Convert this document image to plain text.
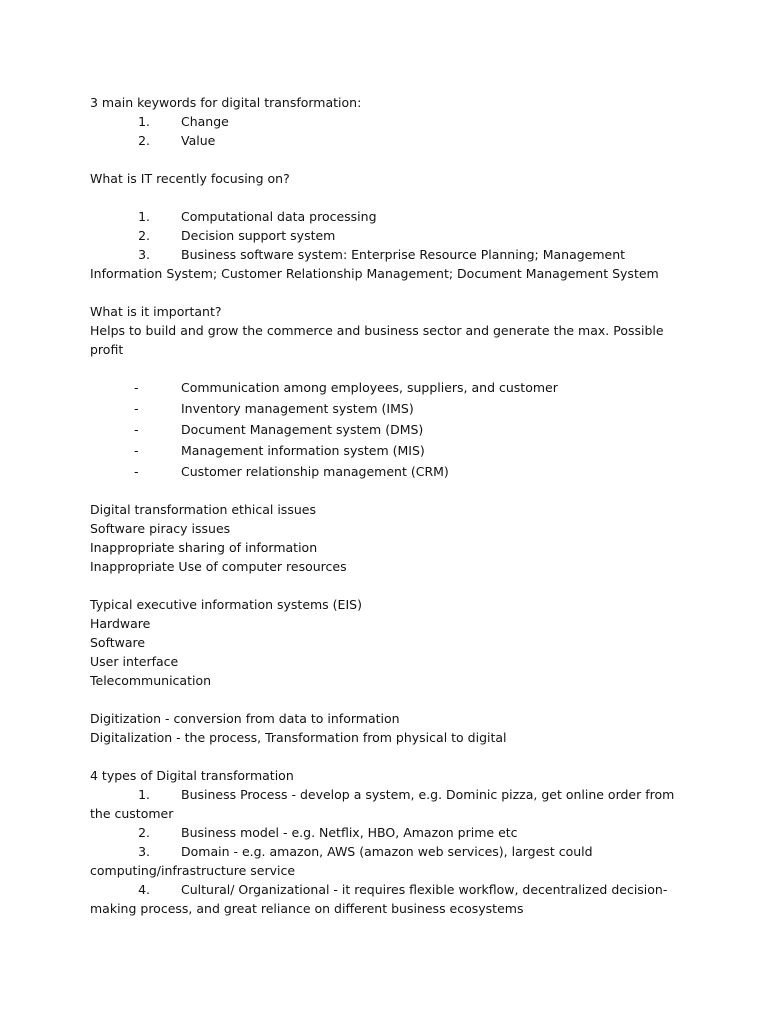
3 main keywords for digital transformation:

1. Change
2. Value

What is IT recently focusing on?

1. Computational data processing
2. Decision support system

3. Business software system: Enterprise Resource Planning; Management Information System; Customer Relationship Management; Document Management System

What is it important?

Helps to build and grow the commerce and business sector and generate the max. Possible profit

-	Communication among employees, suppliers, and customer
-	Inventory management system (IMS)
-	Document Management system (DMS)
-	Management information system (MIS)
-	Customer relationship management (CRM)

Digital transformation ethical issues

Software piracy issues

Inappropriate sharing of information

Inappropriate Use of computer resources

Typical executive information systems (EIS)

Hardware

Software

User interface

Telecommunication

Digitization - conversion from data to information

Digitalization - the process, Transformation from physical to digital

4 types of Digital transformation

1. Business Process - develop a system, e.g. Dominic pizza, get online order from the customer

2. Business model - e.g. Netflix, HBO, Amazon prime etc

3. Domain - e.g. amazon, AWS (amazon web services), largest could computing/infrastructure service

4. Cultural/ Organizational - it requires flexible workflow, decentralized decision-making process, and great reliance on different business ecosystems
